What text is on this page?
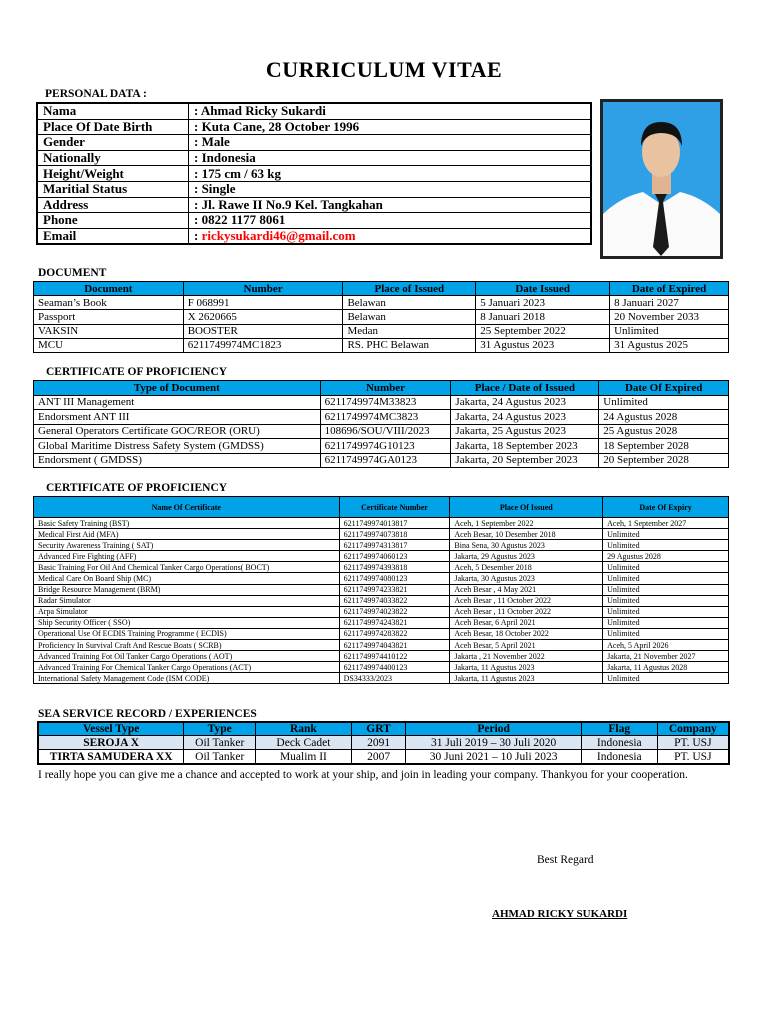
CURRICULUM VITAE
PERSONAL DATA :
Nama	: Ahmad Ricky Sukardi
Place Of Date Birth	: Kuta Cane, 28 October 1996
Gender	: Male
Nationally	: Indonesia
Height/Weight	: 175 cm / 63 kg
Maritial Status	: Single
Address	: Jl. Rawe II No.9 Kel. Tangkahan
Phone	: 0822 1177 8061
Email	: rickysukardi46@gmail.com
DOCUMENT
Document	Number	Place of Issued	Date Issued	Date of Expired
Seaman’s Book	F 068991	Belawan	5 Januari 2023	8 Januari 2027
Passport	X 2620665	Belawan	8 Januari 2018	20 November 2033
VAKSIN	BOOSTER	Medan	25 September 2022	Unlimited
MCU	6211749974MC1823	RS. PHC Belawan	31 Agustus 2023	31 Agustus 2025
CERTIFICATE OF PROFICIENCY
Type of Document	Number	Place / Date of Issued	Date Of Expired
ANT III Management	6211749974M33823	Jakarta, 24 Agustus 2023	Unlimited
Endorsment ANT III	6211749974MC3823	Jakarta, 24 Agustus 2023	24 Agustus 2028
General Operators Certificate GOC/REOR (ORU)	108696/SOU/VIII/2023	Jakarta, 25 Agustus 2023	25 Agustus 2028
Global Maritime Distress Safety System (GMDSS)	6211749974G10123	Jakarta, 18 September 2023	18 September 2028
Endorsment ( GMDSS)	6211749974GA0123	Jakarta, 20 September 2023	20 September 2028
CERTIFICATE OF PROFICIENCY
Name Of Certificate	Certificate Number	Place Of Issued	Date Of Expiry
Basic Safety Training (BST)	6211749974013817	Aceh, 1 September 2022	Aceh, 1 September 2027
Medical First Aid (MFA)	6211749974073818	Aceh Besar, 10 Desember 2018	Unlimited
Security Awareness Training ( SAT)	6211749974313817	Bina Sena, 30 Agustus 2023	Unlimited
Advanced Fire Fighting (AFF)	6211749974060123	Jakarta, 29 Agustus 2023	29 Agustus 2028
Basic Training For Oil And Chemical Tanker Cargo Operations( BOCT)	6211749974393818	Aceh, 5 Desember 2018	Unlimited
Medical Care On Board Ship (MC)	6211749974080123	Jakarta, 30 Agustus 2023	Unlimited
Bridge Resource Management (BRM)	6211749974233821	Aceh Besar , 4 May 2021	Unlimited
Radar Simulator	6211749974033822	Aceh Besar , 11 October 2022	Unlimited
Arpa Simulator	6211749974023822	Aceh Besar , 11 October 2022	Unlimited
Ship Security Officer ( SSO)	6211749974243821	Aceh Besar, 6 April 2021	Unlimited
Operational Use Of ECDIS Training Programme ( ECDIS)	6211749974283822	Aceh Besar, 18 October 2022	Unlimited
Proficiency In Survival Craft And Rescue Boats ( SCRB)	6211749974043821	Aceh Besar, 5 April 2021	Aceh, 5 April 2026
Advanced Training Fot Oil Tanker Cargo Operations ( AOT)	6211749974410122	Jakarta , 21 November 2022	Jakarta, 21 November 2027
Advanced Training For Chemical Tanker Cargo Operations (ACT)	6211749974400123	Jakarta, 11 Agustus 2023	Jakarta, 11 Agustus 2028
International Safety Management Code (ISM CODE)	DS34333/2023	Jakarta, 11 Agustus 2023	Unlimited
SEA SERVICE RECORD / EXPERIENCES
Vessel Type	Type	Rank	GRT	Period	Flag	Company
SEROJA X	Oil Tanker	Deck Cadet	2091	31 Juli 2019 – 30 Juli 2020	Indonesia	PT. USJ
TIRTA SAMUDERA XX	Oil Tanker	Mualim II	2007	30 Juni 2021 – 10 Juli 2023	Indonesia	PT. USJ
I really hope you can give me a chance and accepted to work at your ship, and join in leading your company. Thankyou for your cooperation.
Best Regard
AHMAD RICKY SUKARDI
